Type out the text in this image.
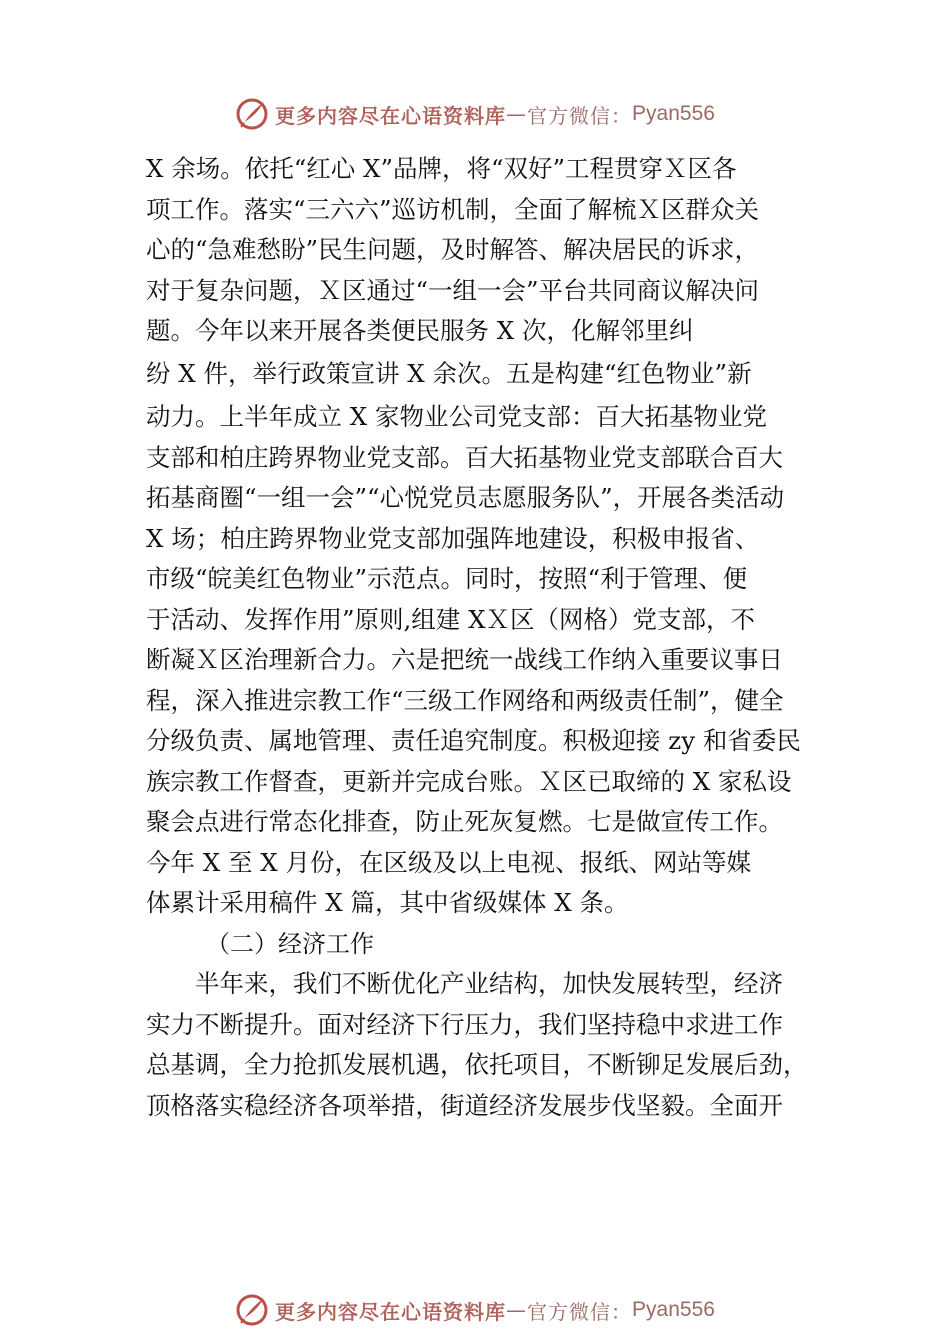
更多内容尽在心语资料库 — 官方微信： Pyan556
X 余场。依托“红心 X”品牌，将“双好”工程贯穿Ｘ区各
项工作。落实“三六六”巡访机制，全面了解梳Ｘ区群众关
心的“急难愁盼”民生问题，及时解答、解决居民的诉求，
对于复杂问题，Ｘ区通过“一组一会”平台共同商议解决问
题。今年以来开展各类便民服务 X 次，化解邻里纠
纷 X 件，举行政策宣讲 X 余次。五是构建“红色物业”新
动力。上半年成立 X 家物业公司党支部：百大拓基物业党
支部和柏庄跨界物业党支部。百大拓基物业党支部联合百大
拓基商圈“一组一会”“心悦党员志愿服务队”，开展各类活动
X 场；柏庄跨界物业党支部加强阵地建设，积极申报省、
市级“皖美红色物业”示范点。同时，按照“利于管理、便
于活动、发挥作用”原则,组建 XＸ区（网格）党支部，不
断凝Ｘ区治理新合力。六是把统一战线工作纳入重要议事日
程，深入推进宗教工作“三级工作网络和两级责任制”，健全
分级负责、属地管理、责任追究制度。积极迎接 zy 和省委民
族宗教工作督查，更新并完成台账。Ｘ区已取缔的 X 家私设
聚会点进行常态化排查，防止死灰复燃。七是做宣传工作。
今年 X 至 X 月份，在区级及以上电视、报纸、网站等媒
体累计采用稿件 X 篇，其中省级媒体 X 条。
（二）经济工作
半年来，我们不断优化产业结构，加快发展转型，经济
实力不断提升。面对经济下行压力，我们坚持稳中求进工作
总基调，全力抢抓发展机遇，依托项目，不断铆足发展后劲，
顶格落实稳经济各项举措，街道经济发展步伐坚毅。全面开
更多内容尽在心语资料库 — 官方微信： Pyan556
